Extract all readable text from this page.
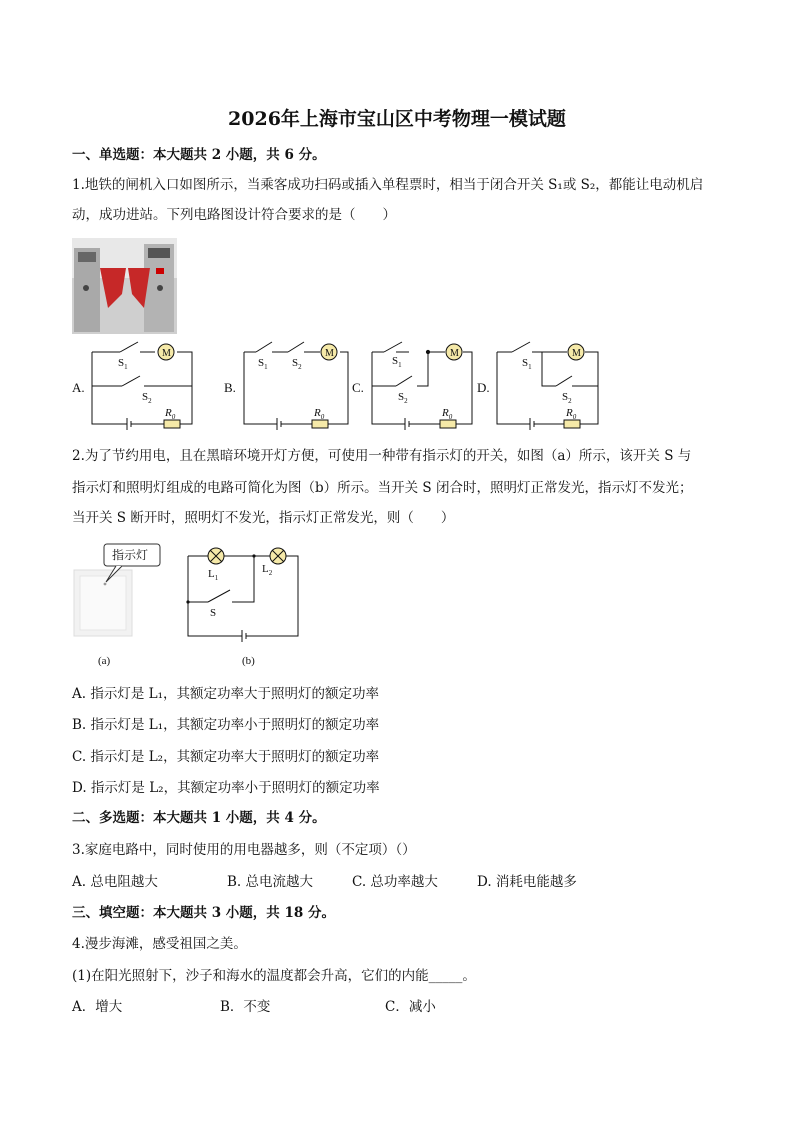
2026年上海市宝山区中考物理一模试题
一、单选题：本大题共 2 小题，共 6 分。
1.地铁的闸机入口如图所示，当乘客成功扫码或插入单程票时，相当于闭合开关 S₁或 S₂，都能让电动机启
动，成功进站。下列电路图设计符合要求的是（　　）
A.	B.	C.	D.
M	M	M	M
$S_1$
$S_2$
$R_0$
$S_1$ $S_2$
$R_0$
$S_1$
$S_2$
$R_0$
$S_1$
$S_2$
$R_0$
2.为了节约用电，且在黑暗环境开灯方便，可使用一种带有指示灯的开关，如图（a）所示，该开关 S 与
指示灯和照明灯组成的电路可简化为图（b）所示。当开关 S 闭合时，照明灯正常发光，指示灯不发光；
当开关 S 断开时，照明灯不发光，指示灯正常发光，则（　　）
指示灯
(a)
$L_1$
$L_2$
S
(b)
A. 指示灯是 L₁，其额定功率大于照明灯的额定功率
B. 指示灯是 L₁，其额定功率小于照明灯的额定功率
C. 指示灯是 L₂，其额定功率大于照明灯的额定功率
D. 指示灯是 L₂，其额定功率小于照明灯的额定功率
二、多选题：本大题共 1 小题，共 4 分。
3.家庭电路中，同时使用的用电器越多，则（不定项）（）
A. 总电阻越大	B. 总电流越大	C. 总功率越大	D. 消耗电能越多
三、填空题：本大题共 3 小题，共 18 分。
4.漫步海滩，感受祖国之美。
(1)在阳光照射下，沙子和海水的温度都会升高，它们的内能_____。
A．增大	B．不变	C．减小
